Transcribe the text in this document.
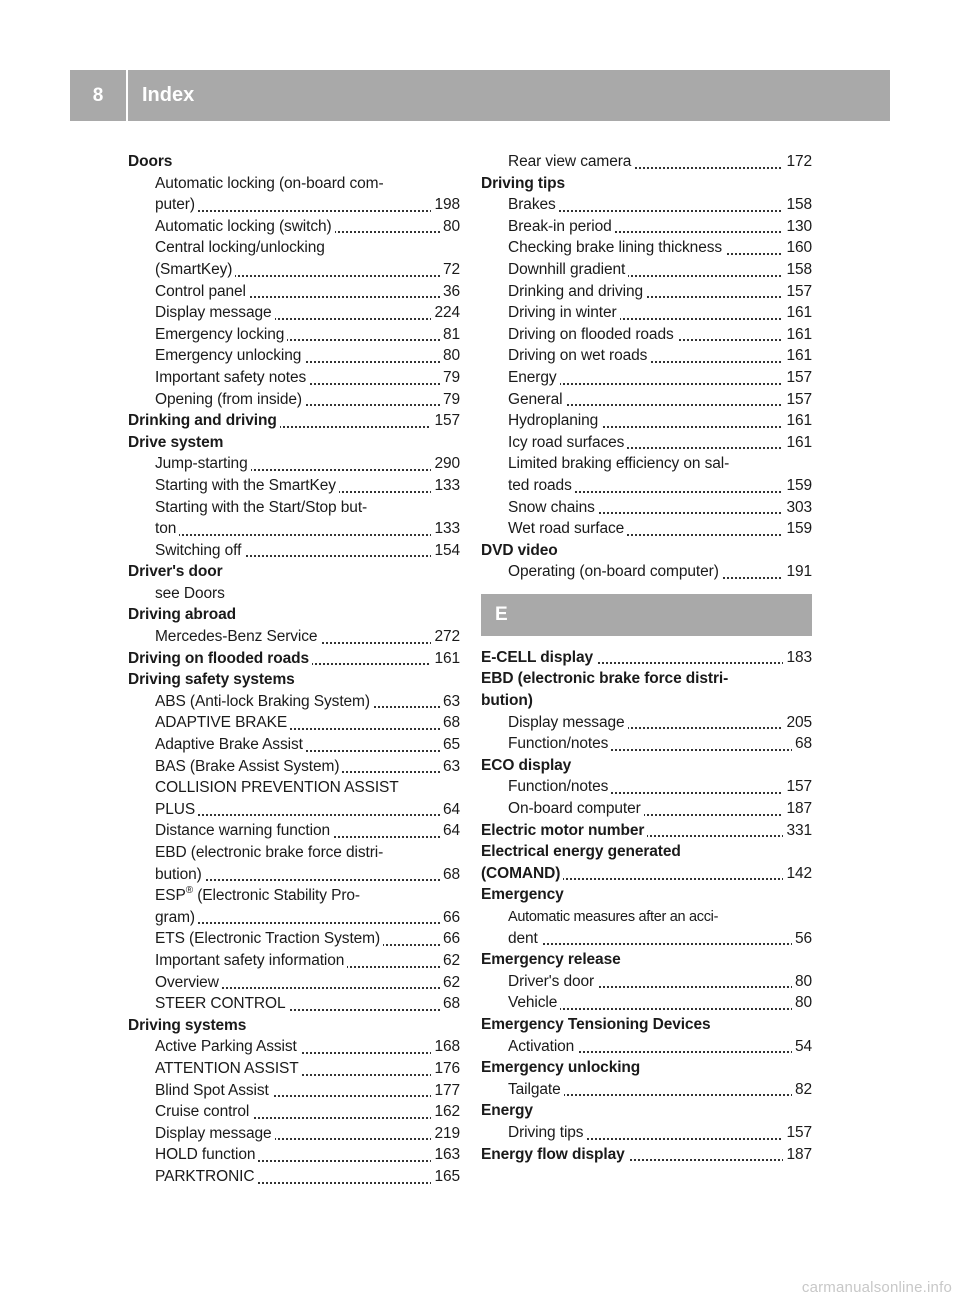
8	Index
Doors
Automatic locking (on-board com-
puter)	198
Automatic locking (switch)	80
Central locking/unlocking
(SmartKey)	72
Control panel	36
Display message	224
Emergency locking	81
Emergency unlocking	80
Important safety notes	79
Opening (from inside)	79
Drinking and driving	157
Drive system
Jump-starting	290
Starting with the SmartKey	133
Starting with the Start/Stop but-
ton	133
Switching off	154
Driver's door
see Doors
Driving abroad
Mercedes-Benz Service	272
Driving on flooded roads	161
Driving safety systems
ABS (Anti-lock Braking System)	63
ADAPTIVE BRAKE	68
Adaptive Brake Assist	65
BAS (Brake Assist System)	63
COLLISION PREVENTION ASSIST
PLUS	64
Distance warning function	64
EBD (electronic brake force distri-
bution)	68
ESP® (Electronic Stability Pro-
gram)	66
ETS (Electronic Traction System)	66
Important safety information	62
Overview	62
STEER CONTROL	68
Driving systems
Active Parking Assist	168
ATTENTION ASSIST	176
Blind Spot Assist	177
Cruise control	162
Display message	219
HOLD function	163
PARKTRONIC	165
Rear view camera	172
Driving tips
Brakes	158
Break-in period	130
Checking brake lining thickness	160
Downhill gradient	158
Drinking and driving	157
Driving in winter	161
Driving on flooded roads	161
Driving on wet roads	161
Energy	157
General	157
Hydroplaning	161
Icy road surfaces	161
Limited braking efficiency on sal-
ted roads	159
Snow chains	303
Wet road surface	159
DVD video
Operating (on-board computer)	191
E
E-CELL display	183
EBD (electronic brake force distri-
bution)
Display message	205
Function/notes	68
ECO display
Function/notes	157
On-board computer	187
Electric motor number	331
Electrical energy generated
(COMAND)	142
Emergency
Automatic measures after an acci-
dent	56
Emergency release
Driver's door	80
Vehicle	80
Emergency Tensioning Devices
Activation	54
Emergency unlocking
Tailgate	82
Energy
Driving tips	157
Energy flow display	187
carmanualsonline.info
